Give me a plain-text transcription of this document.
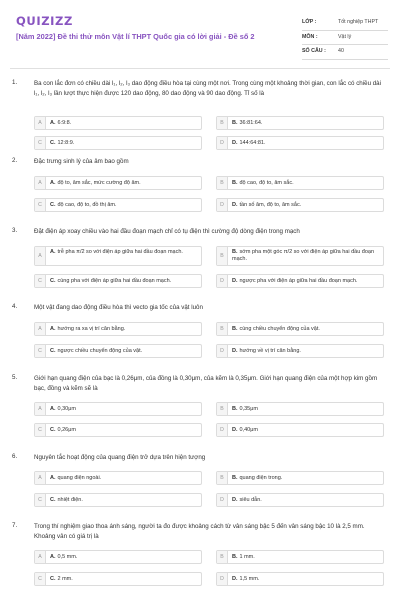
QUIZIZZ
[Năm 2022] Đề thi thử môn Vật lí THPT Quốc gia có lời giải - Đề số 2
LỚP :	Tốt nghiệp THPT
MÔN :	Vật lý
SỐ CÂU : 40
1.	Ba con lắc đơn có chiều dài l₁, l₂, l₃ dao động điều hòa tại cùng một nơi. Trong cùng một khoảng thời gian, con lắc có chiều dài l₁, l₂, l₃ lần lượt thực hiện được 120 dao động, 80 dao động và 90 dao động. Tỉ số là
A	A. 6:9:8.	B	B. 36:81:64.
C	C. 12:8:9.	D	D. 144:64:81.
2.	Đặc trưng sinh lý của âm bao gồm
A	A. độ to, âm sắc, mức cường độ âm.	B	B. độ cao, độ to, âm sắc.
C	C. độ cao, độ to, đồ thị âm.	D	D. tần số âm, độ to, âm sắc.
3.	Đặt điện áp xoay chiều vào hai đầu đoạn mạch chỉ có tụ điện thì cường độ dòng điện trong mạch
A
A. trễ pha π/2 so với điện áp giữa hai đầu đoạn mạch.
B
B. sớm pha một góc π/2 so với điện áp giữa hai đầu đoạn mạch.
C	C. cùng pha với điện áp giữa hai đầu đoạn mạch.	D	D. ngược pha với điện áp giữa hai đầu đoạn mạch.
4.	Một vật đang dao động điều hòa thì vecto gia tốc của vật luôn
A	A. hướng ra xa vị trí cân bằng.	B	B. cùng chiều chuyển động của vật.
C	C. ngược chiều chuyển động của vật.	D	D. hướng về vị trí cân bằng.
5.	Giới hạn quang điện của bạc là 0,26μm, của đồng là 0,30μm, của kẽm là 0,35μm. Giới hạn quang điện của một hợp kim gồm bạc, đồng và kẽm sẽ là
A	A. 0,30μm	B	B. 0,35μm
C	C. 0,26μm	D	D. 0,40μm
6.	Nguyên tắc hoạt động của quang điện trở dựa trên hiện tượng
A	A. quang điện ngoài.	B	B. quang điện trong.
C	C. nhiệt điện.	D	D. siêu dẫn.
7.	Trong thí nghiệm giao thoa ánh sáng, người ta đo được khoảng cách từ vân sáng bậc 5 đến vân sáng bậc 10 là 2,5 mm. Khoảng vân có giá trị là
A	A. 0,5 mm.	B	B. 1 mm.
C	C. 2 mm.	D	D. 1,5 mm.
